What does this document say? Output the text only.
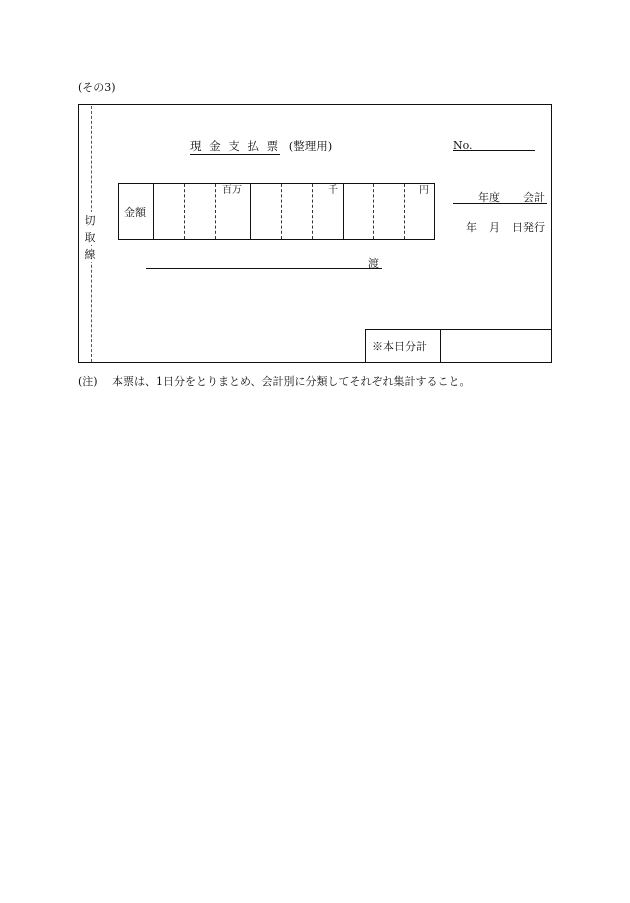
(その3)
切
取
線
現 金 支 払 票 (整理用)	No.
金額
百万	千	円
年度 会計
年 月 日発行
渡
※本日分計
(注) 本票は、1日分をとりまとめ、会計別に分類してそれぞれ集計すること。
